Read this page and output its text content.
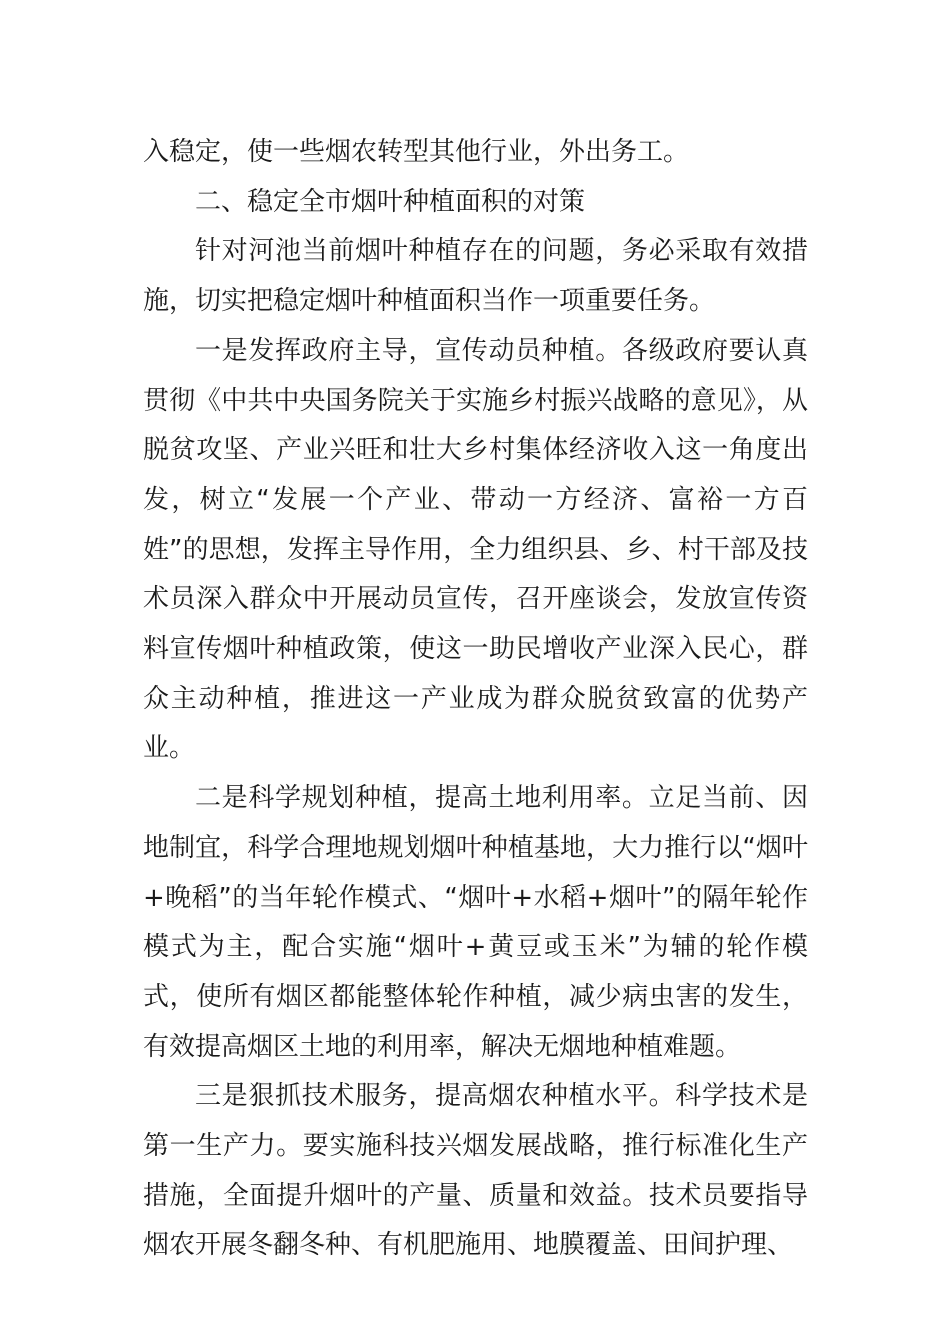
入稳定，使一些烟农转型其他行业，外出务工。

二、稳定全市烟叶种植面积的对策

针对河池当前烟叶种植存在的问题，务必采取有效措施，切实把稳定烟叶种植面积当作一项重要任务。

一是发挥政府主导，宣传动员种植。各级政府要认真贯彻《中共中央国务院关于实施乡村振兴战略的意见》，从脱贫攻坚、产业兴旺和壮大乡村集体经济收入这一角度出发，树立“发展一个产业、带动一方经济、富裕一方百姓”的思想，发挥主导作用，全力组织县、乡、村干部及技术员深入群众中开展动员宣传，召开座谈会，发放宣传资料宣传烟叶种植政策，使这一助民增收产业深入民心，群众主动种植，推进这一产业成为群众脱贫致富的优势产业。

二是科学规划种植，提高土地利用率。立足当前、因地制宜，科学合理地规划烟叶种植基地，大力推行以“烟叶+晚稻”的当年轮作模式、“烟叶+水稻+烟叶”的隔年轮作模式为主，配合实施“烟叶+黄豆或玉米”为辅的轮作模式，使所有烟区都能整体轮作种植，减少病虫害的发生，有效提高烟区土地的利用率，解决无烟地种植难题。

三是狠抓技术服务，提高烟农种植水平。科学技术是第一生产力。要实施科技兴烟发展战略，推行标准化生产措施，全面提升烟叶的产量、质量和效益。技术员要指导烟农开展冬翻冬种、有机肥施用、地膜覆盖、田间护理、
